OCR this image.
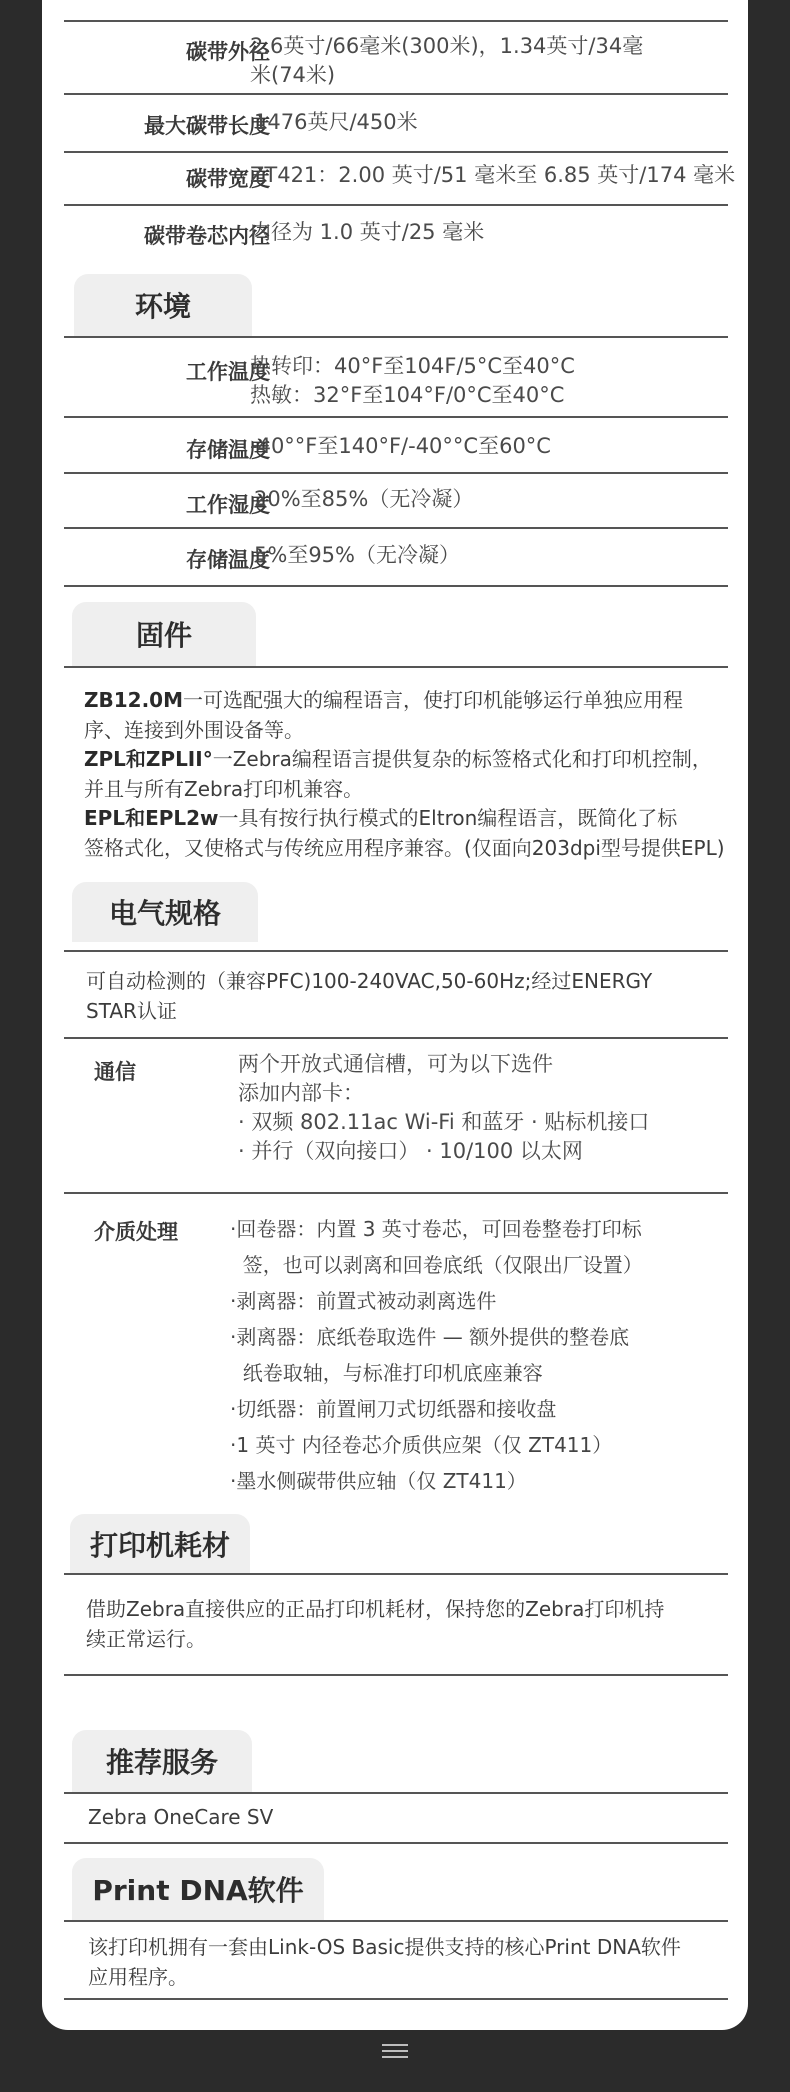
碳带外径
2.6英寸/66毫米(300米)，1.34英寸/34毫
米(74米)
最大碳带长度
1476英尺/450米
碳带宽度
ZT421：2.00 英寸/51 毫米至 6.85 英寸/174 毫米
碳带卷芯内径
内径为 1.0 英寸/25 毫米
环境
工作温度
热转印：40°F至104F/5°C至40°C
热敏：32°F至104°F/0°C至40°C
存储温度
-40°°F至140°F/-40°°C至60°C
工作湿度
20%至85%（无冷凝）
存储温度
5%至95%（无冷凝）
固件
ZB12.0M一可选配强大的编程语言，使打印机能够运行单独应用程
序、连接到外围设备等。
ZPL和ZPLII°一Zebra编程语言提供复杂的标签格式化和打印机控制，
并且与所有Zebra打印机兼容。
EPL和EPL2w一具有按行执行模式的Eltron编程语言，既简化了标
签格式化，又使格式与传统应用程序兼容。(仅面向203dpi型号提供EPL)
电气规格
可自动检测的（兼容PFC)100-240VAC,50-60Hz;经过ENERGY
STAR认证
通信	两个开放式通信槽，可为以下选件
添加内部卡：
· 双频 802.11ac Wi-Fi 和蓝牙 · 贴标机接口
· 并行（双向接口） · 10/100 以太网
介质处理	·回卷器：内置 3 英寸卷芯，可回卷整卷打印标
签，也可以剥离和回卷底纸（仅限出厂设置）
·剥离器：前置式被动剥离选件
·剥离器：底纸卷取选件 — 额外提供的整卷底
纸卷取轴，与标准打印机底座兼容
·切纸器：前置闸刀式切纸器和接收盘
·1 英寸 内径卷芯介质供应架（仅 ZT411）
·墨水侧碳带供应轴（仅 ZT411）
打印机耗材
借助Zebra直接供应的正品打印机耗材，保持您的Zebra打印机持
续正常运行。
推荐服务
Zebra OneCare SV
Print DNA软件
该打印机拥有一套由Link-OS Basic提供支持的核心Print DNA软件
应用程序。
